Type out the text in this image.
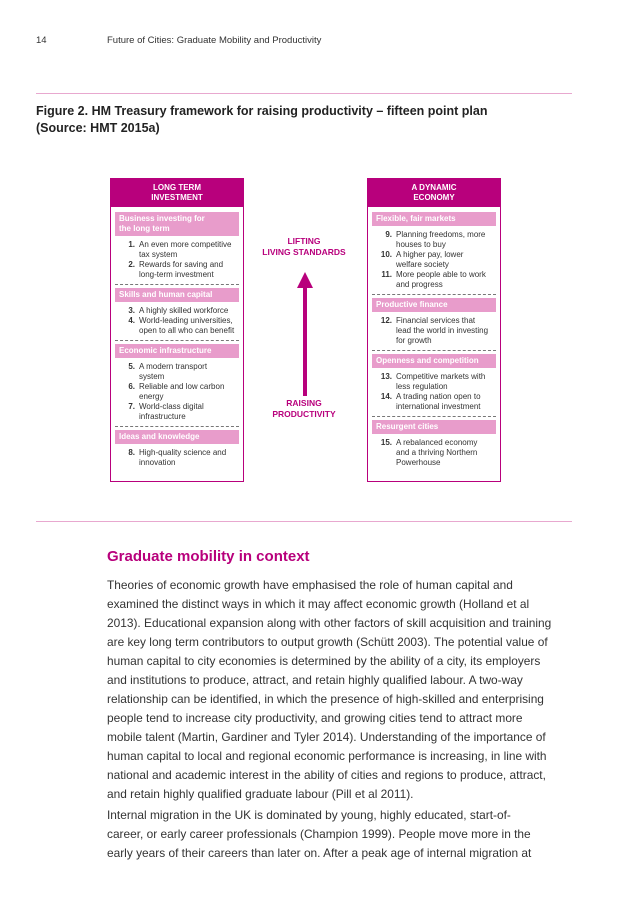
14	Future of Cities: Graduate Mobility and Productivity
Figure 2. HM Treasury framework for raising productivity – fifteen point plan
(Source: HMT 2015a)
LONG TERM
INVESTMENT
Business investing for
the long term
1. An even more competitive
tax system
2. Rewards for saving and
long-term investment
Skills and human capital
3. A highly skilled workforce
4. World-leading universities,
open to all who can benefit
Economic infrastructure
5. A modern transport
system
6. Reliable and low carbon
energy
7. World-class digital
infrastructure
Ideas and knowledge
8. High-quality science and
innovation
A DYNAMIC
ECONOMY
Flexible, fair markets
9. Planning freedoms, more
houses to buy
10. A higher pay, lower
welfare society
11. More people able to work
and progress
Productive finance
12. Financial services that
lead the world in investing
for growth
Openness and competition
13. Competitive markets with
less regulation
14. A trading nation open to
international investment
Resurgent cities
15. A rebalanced economy
and a thriving Northern
Powerhouse
LIFTING
LIVING STANDARDS
RAISING
PRODUCTIVITY
Graduate mobility in context
Theories of economic growth have emphasised the role of human capital and
examined the distinct ways in which it may affect economic growth (Holland et al
2013). Educational expansion along with other factors of skill acquisition and training
are key long term contributors to output growth (Schütt 2003). The potential value of
human capital to city economies is determined by the ability of a city, its employers
and institutions to produce, attract, and retain highly qualified labour. A two-way
relationship can be identified, in which the presence of high-skilled and enterprising
people tend to increase city productivity, and growing cities tend to attract more
mobile talent (Martin, Gardiner and Tyler 2014). Understanding of the importance of
human capital to local and regional economic performance is increasing, in line with
national and academic interest in the ability of cities and regions to produce, attract,
and retain highly qualified graduate labour (Pill et al 2011).
Internal migration in the UK is dominated by young, highly educated, start-of-
career, or early career professionals (Champion 1999). People move more in the
early years of their careers than later on. After a peak age of internal migration at
